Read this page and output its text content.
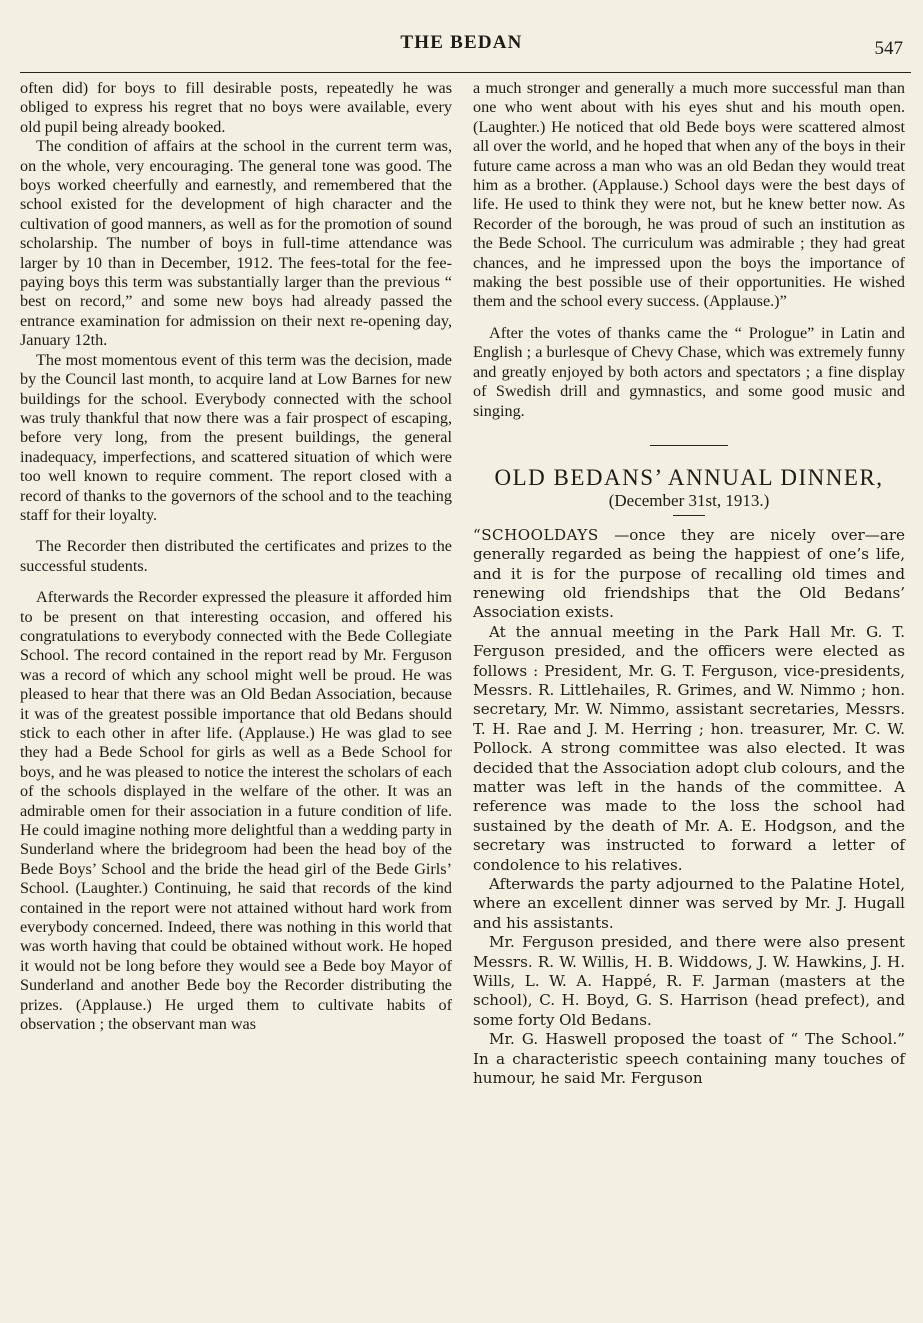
THE BEDAN	547

often did) for boys to fill desirable posts, repeatedly he was obliged to express his regret that no boys were available, every old pupil being already booked.

The condition of affairs at the school in the current term was, on the whole, very encouraging. The general tone was good. The boys worked cheerfully and earnestly, and remembered that the school existed for the development of high character and the cultivation of good manners, as well as for the promotion of sound scholarship. The number of boys in full-time attendance was larger by 10 than in December, 1912. The fees-total for the fee-paying boys this term was substantially larger than the previous “ best on record,” and some new boys had already passed the entrance examination for admission on their next re-opening day, January 12th.

The most momentous event of this term was the decision, made by the Council last month, to acquire land at Low Barnes for new buildings for the school. Everybody connected with the school was truly thankful that now there was a fair prospect of escaping, before very long, from the present buildings, the general inadequacy, imperfections, and scattered situation of which were too well known to require comment. The report closed with a record of thanks to the governors of the school and to the teaching staff for their loyalty.

The Recorder then distributed the certificates and prizes to the successful students.

Afterwards the Recorder expressed the pleasure it afforded him to be present on that interesting occasion, and offered his congratulations to everybody connected with the Bede Collegiate School. The record contained in the report read by Mr. Ferguson was a record of which any school might well be proud. He was pleased to hear that there was an Old Bedan Association, because it was of the greatest possible importance that old Bedans should stick to each other in after life. (Applause.) He was glad to see they had a Bede School for girls as well as a Bede School for boys, and he was pleased to notice the interest the scholars of each of the schools displayed in the welfare of the other. It was an admirable omen for their association in a future condition of life. He could imagine nothing more delightful than a wedding party in Sunderland where the bridegroom had been the head boy of the Bede Boys’ School and the bride the head girl of the Bede Girls’ School. (Laughter.) Continuing, he said that records of the kind contained in the report were not attained without hard work from everybody concerned. Indeed, there was nothing in this world that was worth having that could be obtained without work. He hoped it would not be long before they would see a Bede boy Mayor of Sunderland and another Bede boy the Recorder distributing the prizes. (Applause.) He urged them to cultivate habits of observation ; the observant man was

a much stronger and generally a much more successful man than one who went about with his eyes shut and his mouth open. (Laughter.) He noticed that old Bede boys were scattered almost all over the world, and he hoped that when any of the boys in their future came across a man who was an old Bedan they would treat him as a brother. (Applause.) School days were the best days of life. He used to think they were not, but he knew better now. As Recorder of the borough, he was proud of such an institution as the Bede School. The curriculum was admirable ; they had great chances, and he impressed upon the boys the importance of making the best possible use of their opportunities. He wished them and the school every success. (Applause.)”

After the votes of thanks came the “ Prologue” in Latin and English ; a burlesque of Chevy Chase, which was extremely funny and greatly enjoyed by both actors and spectators ; a fine display of Swedish drill and gymnastics, and some good music and singing.

OLD BEDANS’ ANNUAL DINNER,
(December 31st, 1913.)

“SCHOOLDAYS —once they are nicely over—are generally regarded as being the happiest of one’s life, and it is for the purpose of recalling old times and renewing old friendships that the Old Bedans’ Association exists.

At the annual meeting in the Park Hall Mr. G. T. Ferguson presided, and the officers were elected as follows : President, Mr. G. T. Ferguson, vice-presidents, Messrs. R. Littlehailes, R. Grimes, and W. Nimmo ; hon. secretary, Mr. W. Nimmo, assistant secretaries, Messrs. T. H. Rae and J. M. Herring ; hon. treasurer, Mr. C. W. Pollock. A strong committee was also elected. It was decided that the Association adopt club colours, and the matter was left in the hands of the committee. A reference was made to the loss the school had sustained by the death of Mr. A. E. Hodgson, and the secretary was instructed to forward a letter of condolence to his relatives.

Afterwards the party adjourned to the Palatine Hotel, where an excellent dinner was served by Mr. J. Hugall and his assistants.

Mr. Ferguson presided, and there were also present Messrs. R. W. Willis, H. B. Widdows, J. W. Hawkins, J. H. Wills, L. W. A. Happé, R. F. Jarman (masters at the school), C. H. Boyd, G. S. Harrison (head prefect), and some forty Old Bedans.

Mr. G. Haswell proposed the toast of “ The School.” In a characteristic speech containing many touches of humour, he said Mr. Ferguson
